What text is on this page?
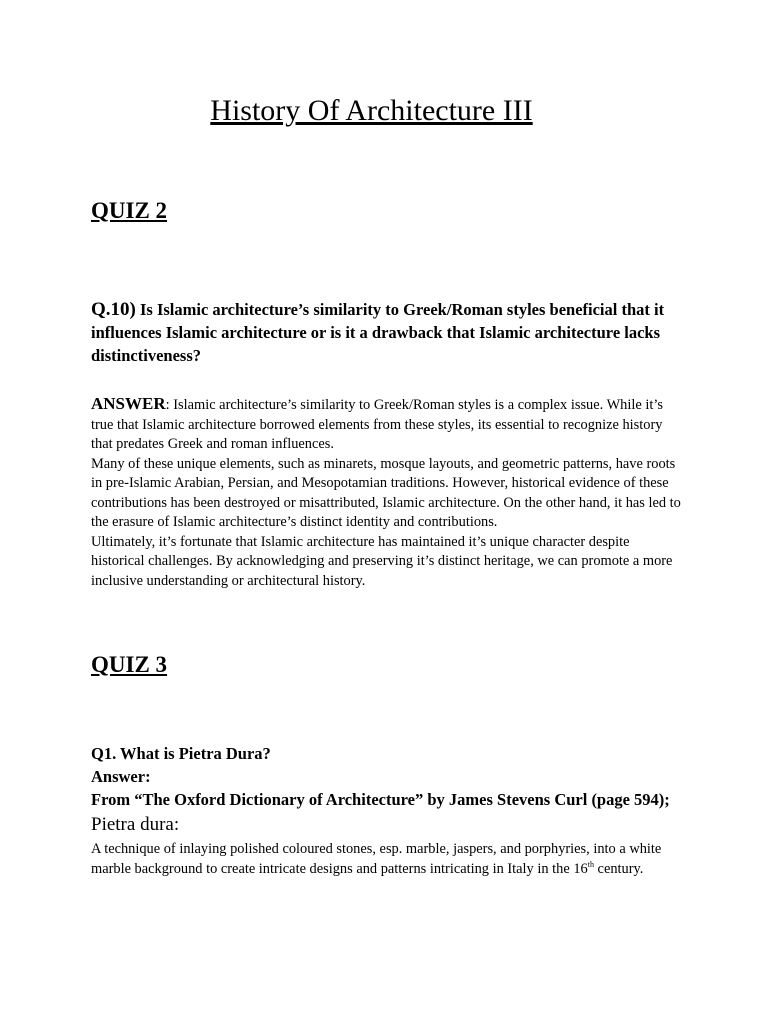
History Of Architecture III
QUIZ 2

Q.10) Is Islamic architecture’s similarity to Greek/Roman styles beneficial that it influences Islamic architecture or is it a drawback that Islamic architecture lacks distinctiveness?

ANSWER: Islamic architecture’s similarity to Greek/Roman styles is a complex issue. While it’s true that Islamic architecture borrowed elements from these styles, its essential to recognize history that predates Greek and roman influences.

Many of these unique elements, such as minarets, mosque layouts, and geometric patterns, have roots in pre-Islamic Arabian, Persian, and Mesopotamian traditions. However, historical evidence of these contributions has been destroyed or misattributed, Islamic architecture. On the other hand, it has led to the erasure of Islamic architecture’s distinct identity and contributions.

Ultimately, it’s fortunate that Islamic architecture has maintained it’s unique character despite historical challenges. By acknowledging and preserving it’s distinct heritage, we can promote a more inclusive understanding or architectural history.

QUIZ 3

Q1. What is Pietra Dura?

Answer:

From “The Oxford Dictionary of Architecture” by James Stevens Curl (page 594);

Pietra dura:

A technique of inlaying polished coloured stones, esp. marble, jaspers, and porphyries, into a white marble background to create intricate designs and patterns intricating in Italy in the 16th century.
